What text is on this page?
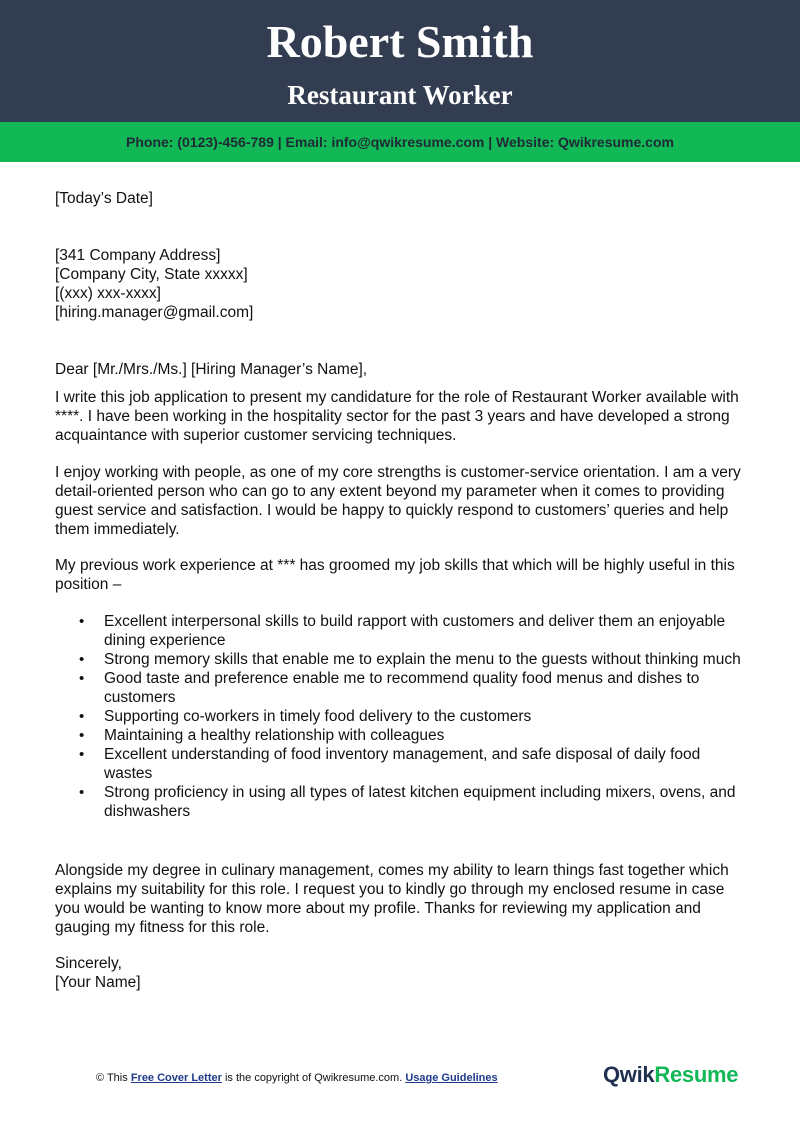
Robert Smith
Restaurant Worker
Phone: (0123)-456-789 | Email: info@qwikresume.com | Website: Qwikresume.com
[Today’s Date]
[341 Company Address]
[Company City, State xxxxx]
[(xxx) xxx-xxxx]
[hiring.manager@gmail.com]
Dear [Mr./Mrs./Ms.] [Hiring Manager’s Name],

I write this job application to present my candidature for the role of Restaurant Worker available with ****. I have been working in the hospitality sector for the past 3 years and have developed a strong acquaintance with superior customer servicing techniques.

I enjoy working with people, as one of my core strengths is customer-service orientation. I am a very detail-oriented person who can go to any extent beyond my parameter when it comes to providing guest service and satisfaction. I would be happy to quickly respond to customers’ queries and help them immediately.

My previous work experience at *** has groomed my job skills that which will be highly useful in this position –

• Excellent interpersonal skills to build rapport with customers and deliver them an enjoyable dining experience
• Strong memory skills that enable me to explain the menu to the guests without thinking much
• Good taste and preference enable me to recommend quality food menus and dishes to customers
• Supporting co-workers in timely food delivery to the customers
• Maintaining a healthy relationship with colleagues
• Excellent understanding of food inventory management, and safe disposal of daily food wastes
• Strong proficiency in using all types of latest kitchen equipment including mixers, ovens, and dishwashers

Alongside my degree in culinary management, comes my ability to learn things fast together which explains my suitability for this role. I request you to kindly go through my enclosed resume in case you would be wanting to know more about my profile. Thanks for reviewing my application and gauging my fitness for this role.

Sincerely,
[Your Name]
© This Free Cover Letter is the copyright of Qwikresume.com. Usage Guidelines	QwikResume
